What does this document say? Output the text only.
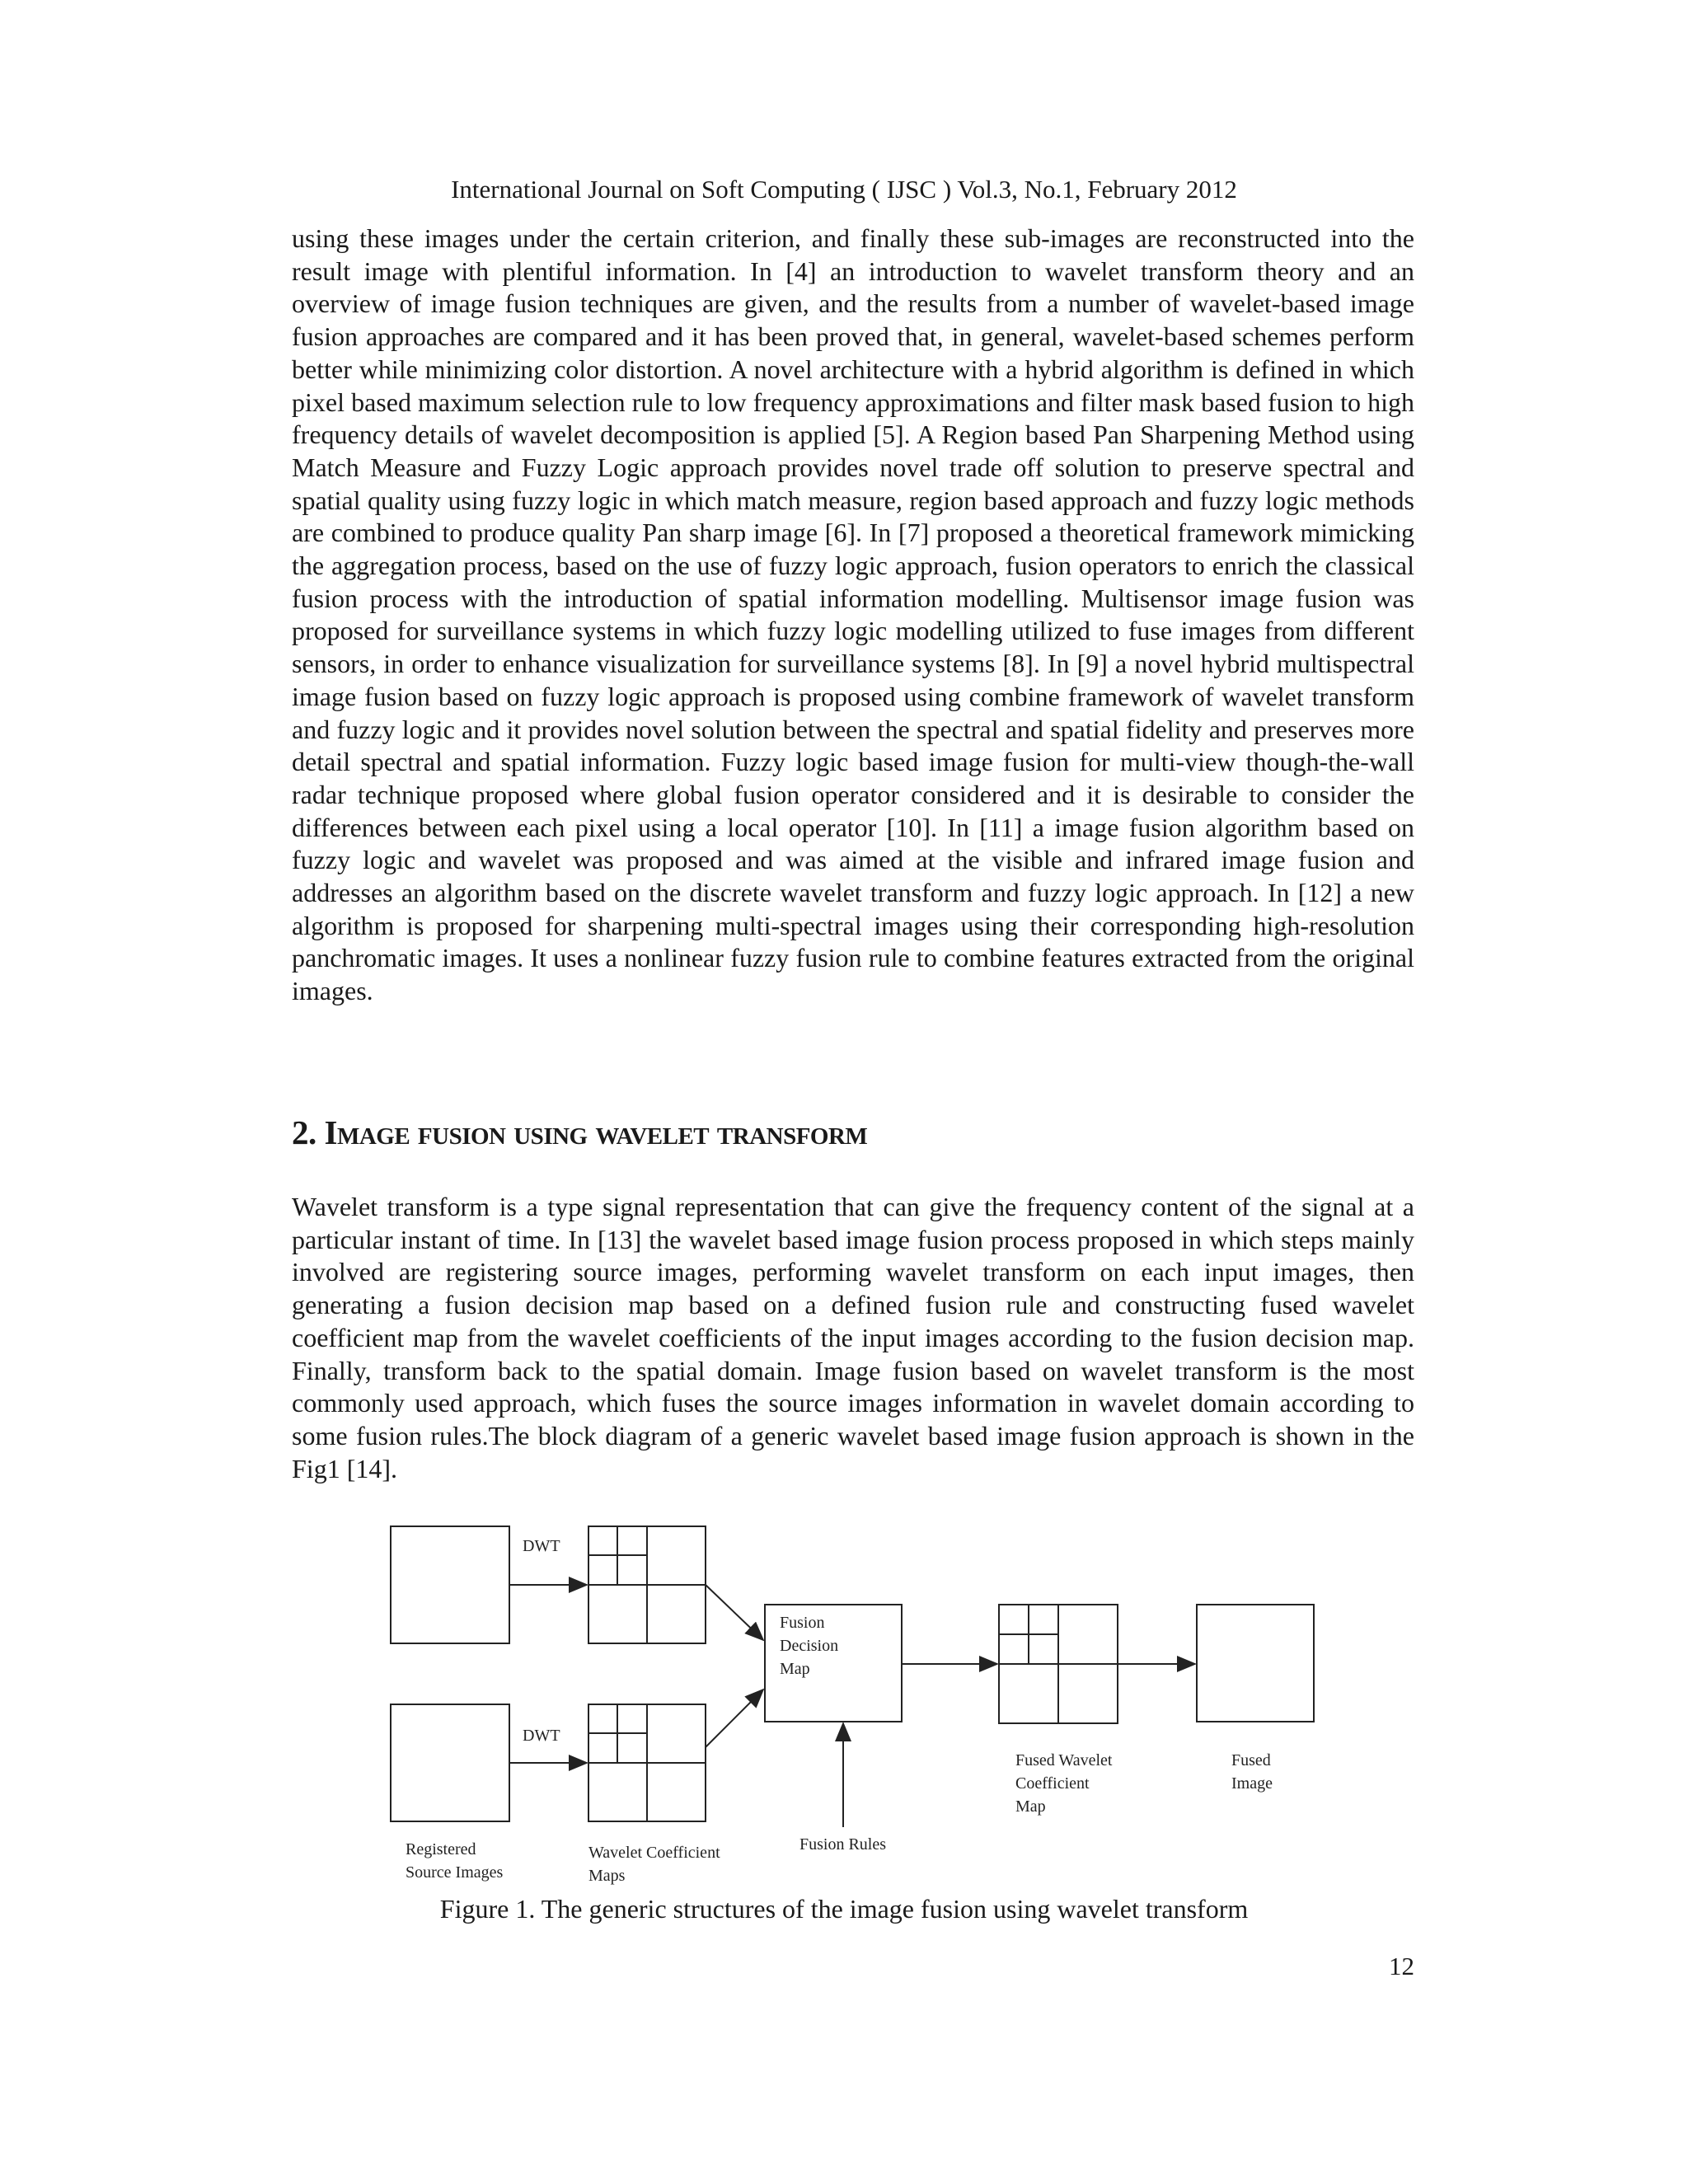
International Journal on Soft Computing ( IJSC ) Vol.3, No.1, February 2012
using these images under the certain criterion, and finally these sub-images are reconstructed into the result image with plentiful information. In [4] an introduction to wavelet transform theory and an overview of image fusion techniques are given, and the results from a number of wavelet-based image fusion approaches are compared and it has been proved that, in general, wavelet-based schemes perform better while minimizing color distortion. A novel architecture with a hybrid algorithm is defined in which pixel based maximum selection rule to low frequency approximations and filter mask based fusion to high frequency details of wavelet decomposition is applied [5]. A Region based Pan Sharpening Method using Match Measure and Fuzzy Logic approach provides novel trade off solution to preserve spectral and spatial quality using fuzzy logic in which match measure, region based approach and fuzzy logic methods are combined to produce quality Pan sharp image [6]. In [7] proposed a theoretical framework mimicking the aggregation process, based on the use of fuzzy logic approach, fusion operators to enrich the classical fusion process with the introduction of spatial information modelling. Multisensor image fusion was proposed for surveillance systems in which fuzzy logic modelling utilized to fuse images from different sensors, in order to enhance visualization for surveillance systems [8]. In [9] a novel hybrid multispectral image fusion based on fuzzy logic approach is proposed using combine framework of wavelet transform and fuzzy logic and it provides novel solution between the spectral and spatial fidelity and preserves more detail spectral and spatial information. Fuzzy logic based image fusion for multi-view though-the-wall radar technique proposed where global fusion operator considered and it is desirable to consider the differences between each pixel using a local operator [10]. In [11] a image fusion algorithm based on fuzzy logic and wavelet was proposed and was aimed at the visible and infrared image fusion and addresses an algorithm based on the discrete wavelet transform and fuzzy logic approach. In [12] a new algorithm is proposed for sharpening multi-spectral images using their corresponding high-resolution panchromatic images. It uses a nonlinear fuzzy fusion rule to combine features extracted from the original images.
2. Image fusion using wavelet transform
Wavelet transform is a type signal representation that can give the frequency content of the signal at a particular instant of time. In [13] the wavelet based image fusion process proposed in which steps mainly involved are registering source images, performing wavelet transform on each input images, then generating a fusion decision map based on a defined fusion rule and constructing fused wavelet coefficient map from the wavelet coefficients of the input images according to the fusion decision map. Finally, transform back to the spatial domain. Image fusion based on wavelet transform is the most commonly used approach, which fuses the source images information in wavelet domain according to some fusion rules.The block diagram of a generic wavelet based image fusion approach is shown in the Fig1 [14].
DWT
DWT
Fusion
Decision
Map
Registered
Source Images
Wavelet Coefficient
Maps
Fusion Rules
Fused Wavelet
Coefficient
Map
Fused
Image
Figure 1. The generic structures of the image fusion using wavelet transform
12
